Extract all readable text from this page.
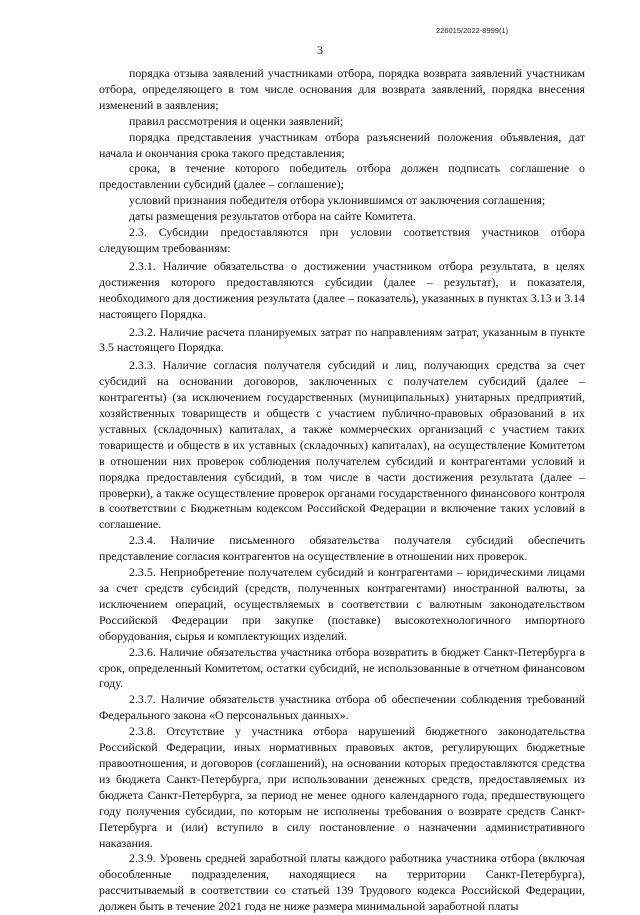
226015/2022-8999(1)
3

порядка отзыва заявлений участниками отбора, порядка возврата заявлений участникам отбора, определяющего в том числе основания для возврата заявлений, порядка внесения изменений в заявления;

правил рассмотрения и оценки заявлений;

порядка представления участникам отбора разъяснений положения объявления, дат начала и окончания срока такого представления;

срока, в течение которого победитель отбора должен подписать соглашение о предоставлении субсидий (далее – соглашение);

условий признания победителя отбора уклонившимся от заключения соглашения;

даты размещения результатов отбора на сайте Комитета.

2.3. Субсидии предоставляются при условии соответствия участников отбора следующим требованиям:

2.3.1. Наличие обязательства о достижении участником отбора результата, в целях достижения которого предоставляются субсидии (далее – результат), и показателя, необходимого для достижения результата (далее – показатель), указанных в пунктах 3.13 и 3.14 настоящего Порядка.

2.3.2. Наличие расчета планируемых затрат по направлениям затрат, указанным в пункте 3.5 настоящего Порядка.

2.3.3. Наличие согласия получателя субсидий и лиц, получающих средства за счет субсидий на основании договоров, заключенных с получателем субсидий (далее – контрагенты) (за исключением государственных (муниципальных) унитарных предприятий, хозяйственных товариществ и обществ с участием публично-правовых образований в их уставных (складочных) капиталах, а также коммерческих организаций с участием таких товариществ и обществ в их уставных (складочных) капиталах), на осуществление Комитетом в отношении них проверок соблюдения получателем субсидий и контрагентами условий и порядка предоставления субсидий, в том числе в части достижения результата (далее – проверки), а также осуществление проверок органами государственного финансового контроля в соответствии с Бюджетным кодексом Российской Федерации и включение таких условий в соглашение.

2.3.4. Наличие письменного обязательства получателя субсидий обеспечить представление согласия контрагентов на осуществление в отношении них проверок.

2.3.5. Неприобретение получателем субсидий и контрагентами – юридическими лицами за счет средств субсидий (средств, полученных контрагентами) иностранной валюты, за исключением операций, осуществляемых в соответствии с валютным законодательством Российской Федерации при закупке (поставке) высокотехнологичного импортного оборудования, сырья и комплектующих изделий.

2.3.6. Наличие обязательства участника отбора возвратить в бюджет Санкт-Петербурга в срок, определенный Комитетом, остатки субсидий, не использованные в отчетном финансовом году.

2.3.7. Наличие обязательств участника отбора об обеспечении соблюдения требований Федерального закона «О персональных данных».

2.3.8. Отсутствие у участника отбора нарушений бюджетного законодательства Российской Федерации, иных нормативных правовых актов, регулирующих бюджетные правоотношения, и договоров (соглашений), на основании которых предоставляются средства из бюджета Санкт-Петербурга, при использовании денежных средств, предоставляемых из бюджета Санкт-Петербурга, за период не менее одного календарного года, предшествующего году получения субсидии, по которым не исполнены требования о возврате средств Санкт-Петербурга и (или) вступило в силу постановление о назначении административного наказания.

2.3.9. Уровень средней заработной платы каждого работника участника отбора (включая обособленные подразделения, находящиеся на территории Санкт-Петербурга), рассчитываемый в соответствии со статьей 139 Трудового кодекса Российской Федерации, должен быть в течение 2021 года не ниже размера минимальной заработной платы
